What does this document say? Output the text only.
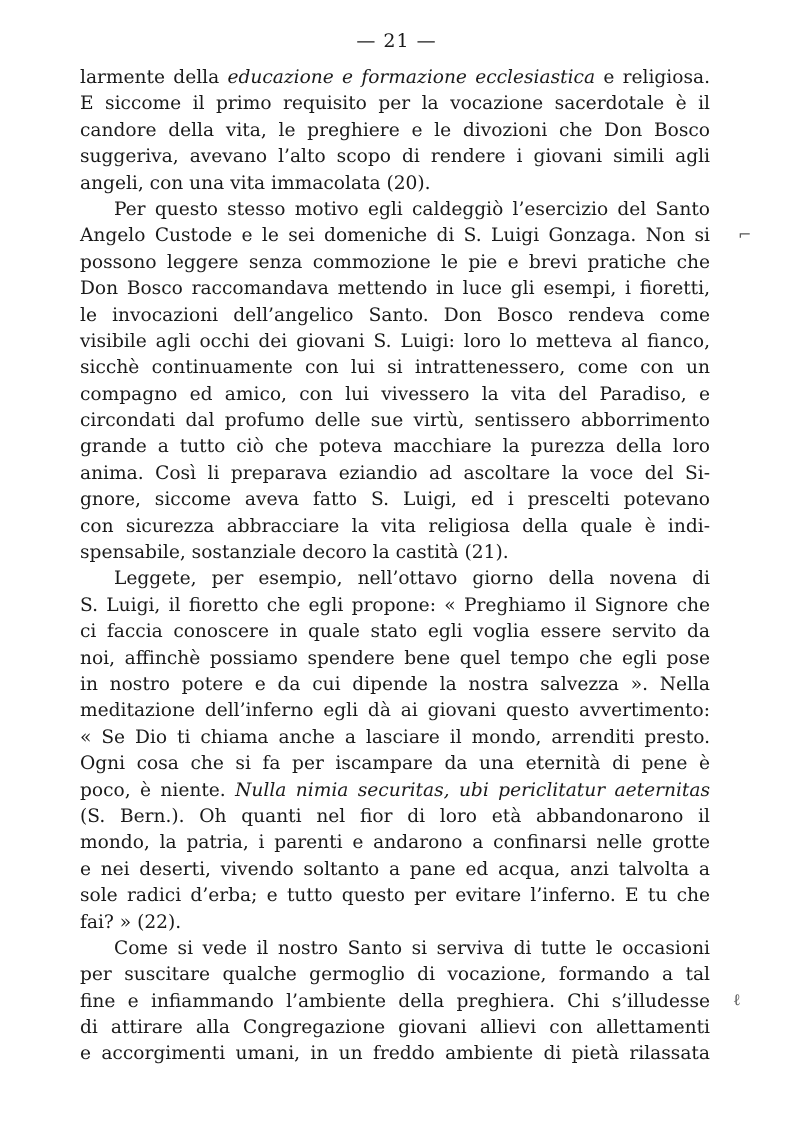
— 21 —
larmente della educazione e formazione ecclesiastica e religiosa.
E siccome il primo requisito per la vocazione sacerdotale è il
candore della vita, le preghiere e le divozioni che Don Bosco
suggeriva, avevano l’alto scopo di rendere i giovani simili agli
angeli, con una vita immacolata (20).
Per questo stesso motivo egli caldeggiò l’esercizio del Santo
Angelo Custode e le sei domeniche di S. Luigi Gonzaga. Non si
possono leggere senza commozione le pie e brevi pratiche che
Don Bosco raccomandava mettendo in luce gli esempi, i fioretti,
le invocazioni dell’angelico Santo. Don Bosco rendeva come
visibile agli occhi dei giovani S. Luigi: loro lo metteva al fianco,
sicchè continuamente con lui si intrattenessero, come con un
compagno ed amico, con lui vivessero la vita del Paradiso, e
circondati dal profumo delle sue virtù, sentissero abborrimento
grande a tutto ciò che poteva macchiare la purezza della loro
anima. Così li preparava eziandio ad ascoltare la voce del Si-
gnore, siccome aveva fatto S. Luigi, ed i prescelti potevano
con sicurezza abbracciare la vita religiosa della quale è indi-
spensabile, sostanziale decoro la castità (21).
Leggete, per esempio, nell’ottavo giorno della novena di
S. Luigi, il fioretto che egli propone: « Preghiamo il Signore che
ci faccia conoscere in quale stato egli voglia essere servito da
noi, affinchè possiamo spendere bene quel tempo che egli pose
in nostro potere e da cui dipende la nostra salvezza ». Nella
meditazione dell’inferno egli dà ai giovani questo avvertimento:
« Se Dio ti chiama anche a lasciare il mondo, arrenditi presto.
Ogni cosa che si fa per iscampare da una eternità di pene è
poco, è niente. Nulla nimia securitas, ubi periclitatur aeternitas
(S. Bern.). Oh quanti nel fior di loro età abbandonarono il
mondo, la patria, i parenti e andarono a confinarsi nelle grotte
e nei deserti, vivendo soltanto a pane ed acqua, anzi talvolta a
sole radici d’erba; e tutto questo per evitare l’inferno. E tu che
fai? » (22).
Come si vede il nostro Santo si serviva di tutte le occasioni
per suscitare qualche germoglio di vocazione, formando a tal
fine e infiammando l’ambiente della preghiera. Chi s’illudesse
di attirare alla Congregazione giovani allievi con allettamenti
e accorgimenti umani, in un freddo ambiente di pietà rilassata
⌐
ℓ
